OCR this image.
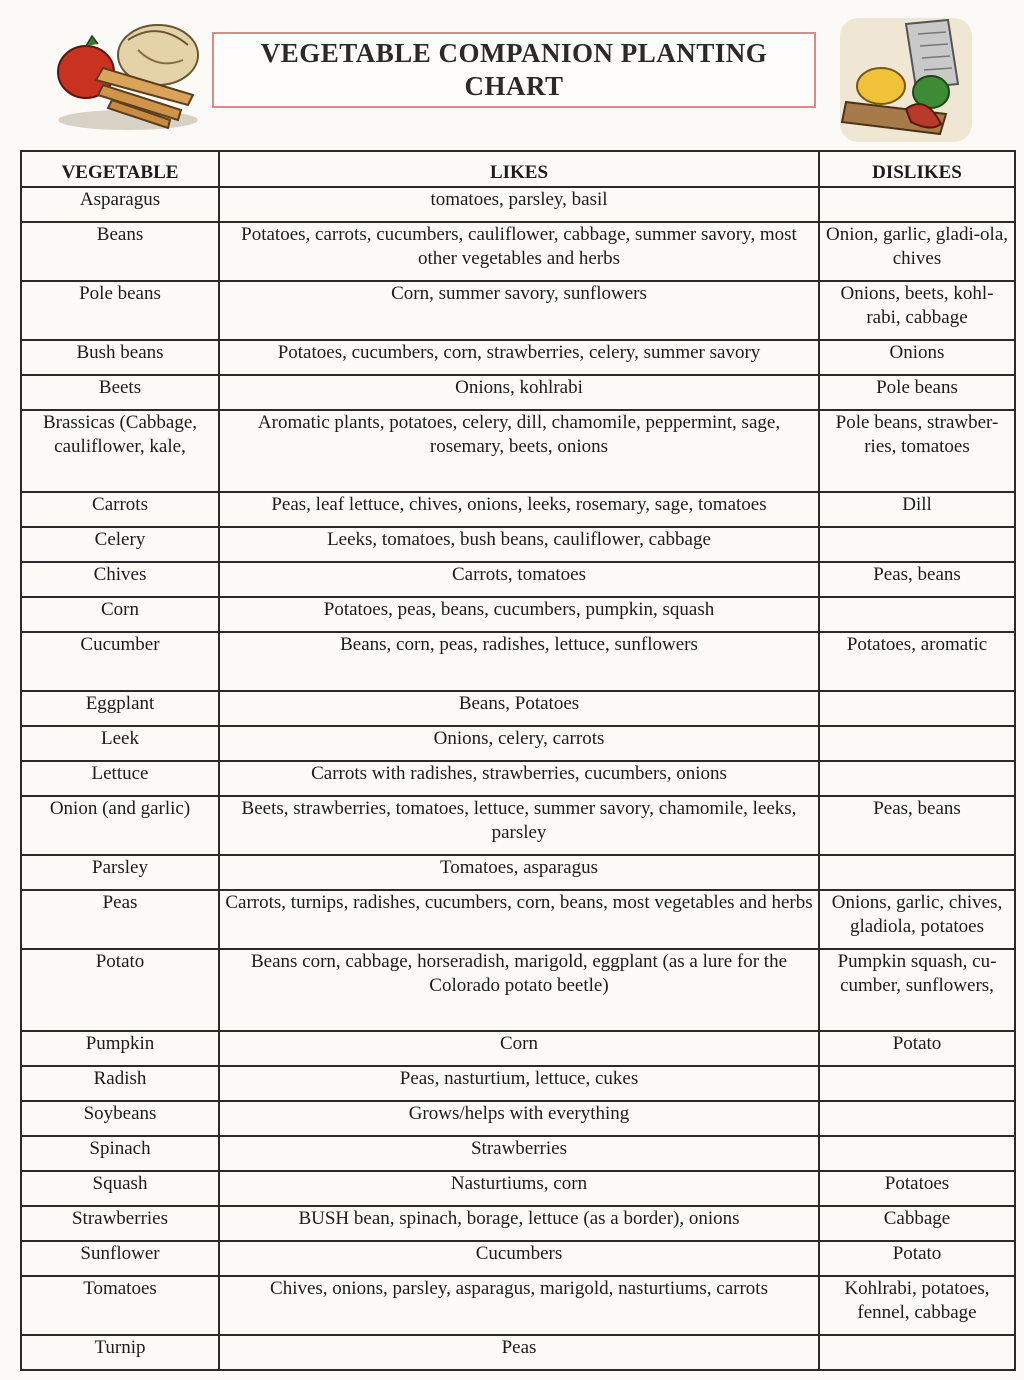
VEGETABLE COMPANION PLANTING
CHART
VEGETABLE	LIKES	DISLIKES
Asparagus	tomatoes, parsley, basil	
Beans	Potatoes, carrots, cucumbers, cauliflower, cabbage, summer savory, most other vegetables and herbs	Onion, garlic, gladi-ola, chives
Pole beans	Corn, summer savory, sunflowers	Onions, beets, kohl-rabi, cabbage
Bush beans	Potatoes, cucumbers, corn, strawberries, celery, summer savory	Onions
Beets	Onions, kohlrabi	Pole beans
Brassicas (Cabbage, cauliflower, kale,	Aromatic plants, potatoes, celery, dill, chamomile, peppermint, sage, rosemary, beets, onions	Pole beans, strawber-ries, tomatoes
Carrots	Peas, leaf lettuce, chives, onions, leeks, rosemary, sage, tomatoes	Dill
Celery	Leeks, tomatoes, bush beans, cauliflower, cabbage	
Chives	Carrots, tomatoes	Peas, beans
Corn	Potatoes, peas, beans, cucumbers, pumpkin, squash	
Cucumber	Beans, corn, peas, radishes, lettuce, sunflowers	Potatoes, aromatic
Eggplant	Beans, Potatoes	
Leek	Onions, celery, carrots	
Lettuce	Carrots with radishes, strawberries, cucumbers, onions	
Onion (and garlic)	Beets, strawberries, tomatoes, lettuce, summer savory, chamomile, leeks, parsley	Peas, beans
Parsley	Tomatoes, asparagus	
Peas	Carrots, turnips, radishes, cucumbers, corn, beans, most vegetables and herbs	Onions, garlic, chives, gladiola, potatoes
Potato	Beans corn, cabbage, horseradish, marigold, eggplant (as a lure for the Colorado potato beetle)	Pumpkin squash, cu-cumber, sunflowers,
Pumpkin	Corn	Potato
Radish	Peas, nasturtium, lettuce, cukes	
Soybeans	Grows/helps with everything	
Spinach	Strawberries	
Squash	Nasturtiums, corn	Potatoes
Strawberries	BUSH bean, spinach, borage, lettuce (as a border), onions	Cabbage
Sunflower	Cucumbers	Potato
Tomatoes	Chives, onions, parsley, asparagus, marigold, nasturtiums, carrots	Kohlrabi, potatoes, fennel, cabbage
Turnip	Peas	
